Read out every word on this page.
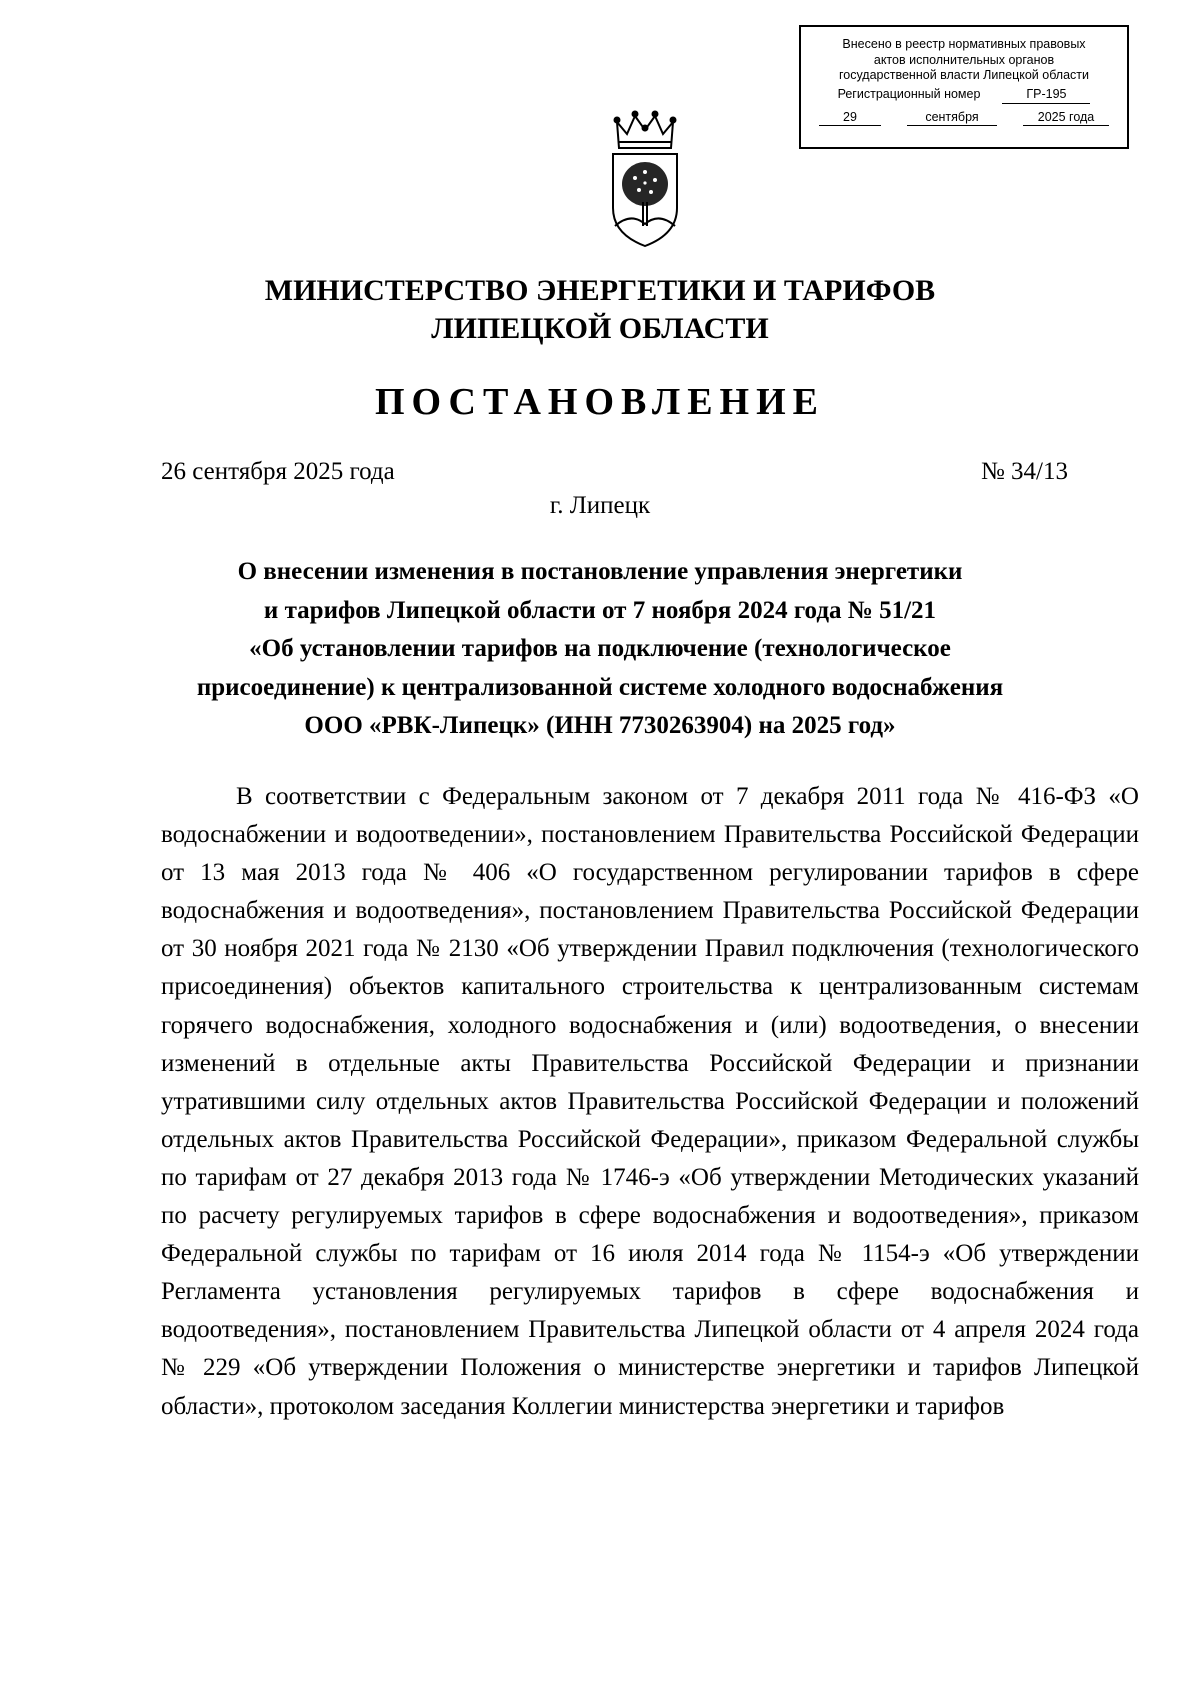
Внесено в реестр нормативных правовых
актов исполнительных органов
государственной власти Липецкой области
Регистрационный номер	ГР-195
29	сентября	2025 года
МИНИСТЕРСТВО ЭНЕРГЕТИКИ И ТАРИФОВ
ЛИПЕЦКОЙ ОБЛАСТИ
ПОСТАНОВЛЕНИЕ
26 сентября 2025 года	№ 34/13
г. Липецк
О внесении изменения в постановление управления энергетики
и тарифов Липецкой области от 7 ноября 2024 года № 51/21
«Об установлении тарифов на подключение (технологическое
присоединение) к централизованной системе холодного водоснабжения
ООО «РВК-Липецк» (ИНН 7730263904) на 2025 год»
В соответствии с Федеральным законом от 7 декабря 2011 года № 416-ФЗ «О водоснабжении и водоотведении», постановлением Правительства Российской Федерации от 13 мая 2013 года № 406 «О государственном регулировании тарифов в сфере водоснабжения и водоотведения», постановлением Правительства Российской Федерации от 30 ноября 2021 года № 2130 «Об утверждении Правил подключения (технологического присоединения) объектов капитального строительства к централизованным системам горячего водоснабжения, холодного водоснабжения и (или) водоотведения, о внесении изменений в отдельные акты Правительства Российской Федерации и признании утратившими силу отдельных актов Правительства Российской Федерации и положений отдельных актов Правительства Российской Федерации», приказом Федеральной службы по тарифам от 27 декабря 2013 года № 1746-э «Об утверждении Методических указаний по расчету регулируемых тарифов в сфере водоснабжения и водоотведения», приказом Федеральной службы по тарифам от 16 июля 2014 года № 1154-э «Об утверждении Регламента установления регулируемых тарифов в сфере водоснабжения и водоотведения», постановлением Правительства Липецкой области от 4 апреля 2024 года № 229 «Об утверждении Положения о министерстве энергетики и тарифов Липецкой области», протоколом заседания Коллегии министерства энергетики и тарифов
